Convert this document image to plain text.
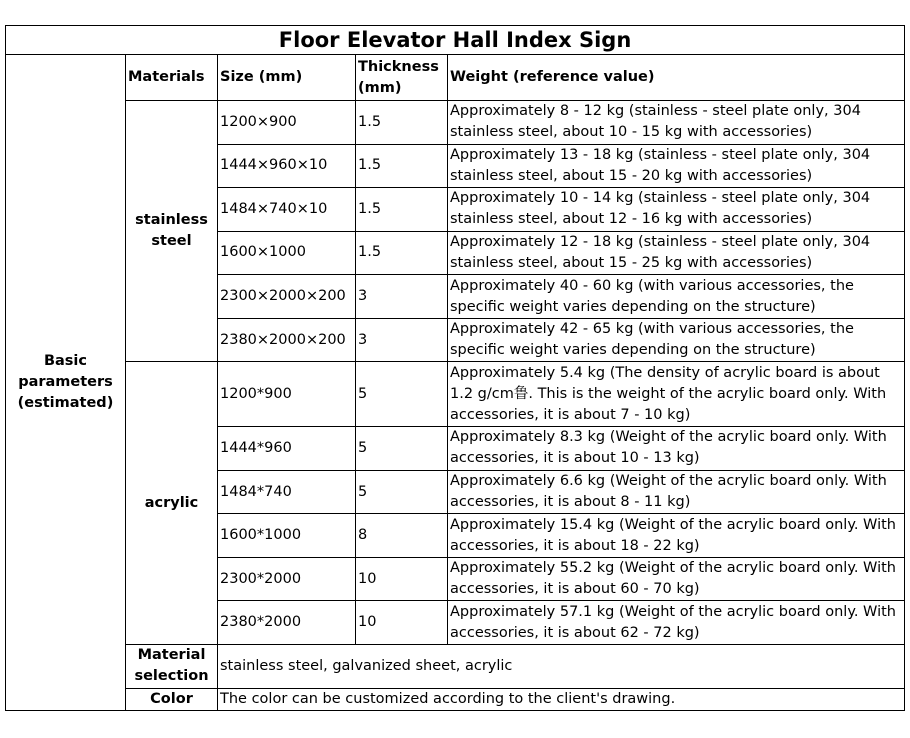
Floor Elevator Hall Index Sign				
Basic parameters (estimated)	Materials	Size (mm)	Thickness (mm)	Weight (reference value)
	stainless steel	1200×900	1.5	Approximately 8 - 12 kg (stainless - steel plate only, 304 stainless steel, about 10 - 15 kg with accessories)
		1444×960×10	1.5	Approximately 13 - 18 kg (stainless - steel plate only, 304 stainless steel, about 15 - 20 kg with accessories)
		1484×740×10	1.5	Approximately 10 - 14 kg (stainless - steel plate only, 304 stainless steel, about 12 - 16 kg with accessories)
		1600×1000	1.5	Approximately 12 - 18 kg (stainless - steel plate only, 304 stainless steel, about 15 - 25 kg with accessories)
		2300×2000×200	3	Approximately 40 - 60 kg (with various accessories, the specific weight varies depending on the structure)
		2380×2000×200	3	Approximately 42 - 65 kg (with various accessories, the specific weight varies depending on the structure)
	acrylic	1200*900	5	Approximately 5.4 kg (The density of acrylic board is about 1.2 g/cm鲁. This is the weight of the acrylic board only. With accessories, it is about 7 - 10 kg)
		1444*960	5	Approximately 8.3 kg (Weight of the acrylic board only. With accessories, it is about 10 - 13 kg)
		1484*740	5	Approximately 6.6 kg (Weight of the acrylic board only. With accessories, it is about 8 - 11 kg)
		1600*1000	8	Approximately 15.4 kg (Weight of the acrylic board only. With accessories, it is about 18 - 22 kg)
		2300*2000	10	Approximately 55.2 kg (Weight of the acrylic board only. With accessories, it is about 60 - 70 kg)
		2380*2000	10	Approximately 57.1 kg (Weight of the acrylic board only. With accessories, it is about 62 - 72 kg)
	Material selection	stainless steel, galvanized sheet, acrylic		
	Color	The color can be customized according to the client's drawing.		
